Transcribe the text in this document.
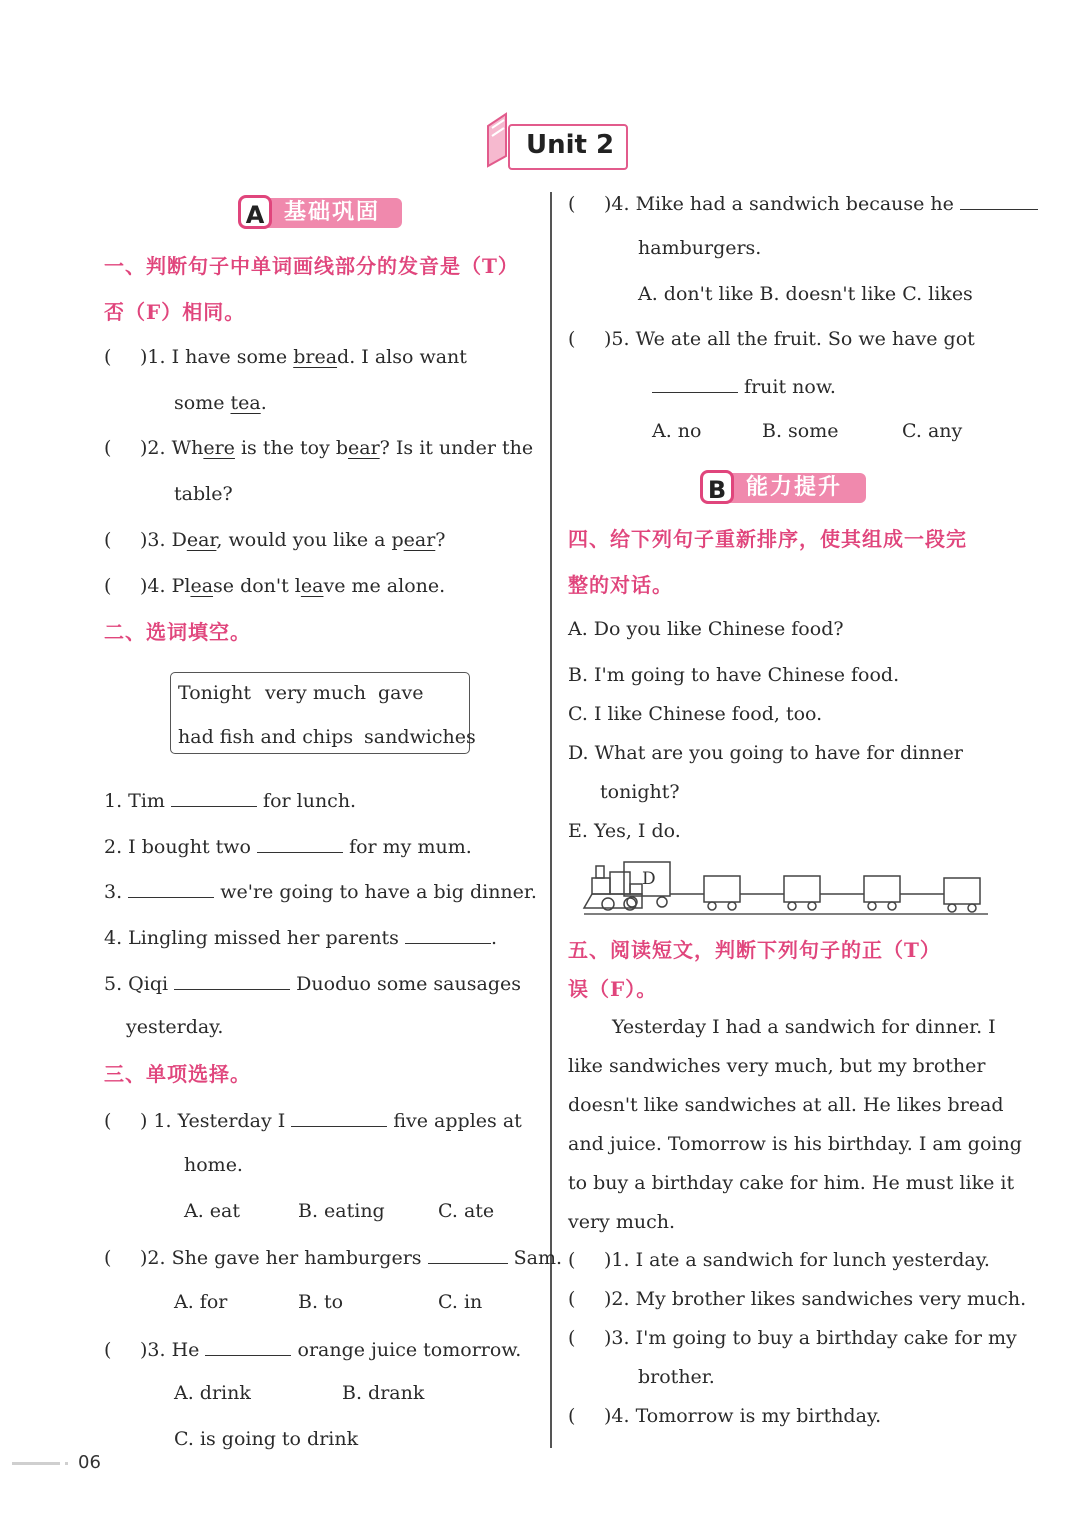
Unit 2
A 基础巩固
一、判断句子中单词画线部分的发音是（T）
否（F）相同。
( )1. I have some bread. I also want
some tea.
( )2. Where is the toy bear? Is it under the
table?
( )3. Dear, would you like a pear?
( )4. Please don't leave me alone.
二、选词填空。
Tonight very much gave
had fish and chips sandwiches
1. Tim	for lunch.
2. I bought two	for my mum.
3.	we're going to have a big dinner.
4. Lingling missed her parents	.
5. Qiqi	Duoduo some sausages
yesterday.
三、单项选择。
( ) 1. Yesterday I	five apples at
home.
A. eat	B. eating	C. ate
( )2. She gave her hamburgers	Sam.
A. for	B. to	C. in
( )3. He	orange juice tomorrow.
A. drink	B. drank
C. is going to drink
( )4. Mike had a sandwich because he
hamburgers.
A. don't like B. doesn't like C. likes
( )5. We ate all the fruit. So we have got
fruit now.
A. no	B. some	C. any
B 能力提升
四、给下列句子重新排序，使其组成一段完
整的对话。
A. Do you like Chinese food?
B. I'm going to have Chinese food.
C. I like Chinese food, too.
D. What are you going to have for dinner
tonight?
E. Yes, I do.
D
五、阅读短文，判断下列句子的正（T）
误（F）。
Yesterday I had a sandwich for dinner. I
like sandwiches very much, but my brother
doesn't like sandwiches at all. He likes bread
and juice. Tomorrow is his birthday. I am going
to buy a birthday cake for him. He must like it
very much.
( )1. I ate a sandwich for lunch yesterday.
( )2. My brother likes sandwiches very much.
( )3. I'm going to buy a birthday cake for my
brother.
( )4. Tomorrow is my birthday.
06
